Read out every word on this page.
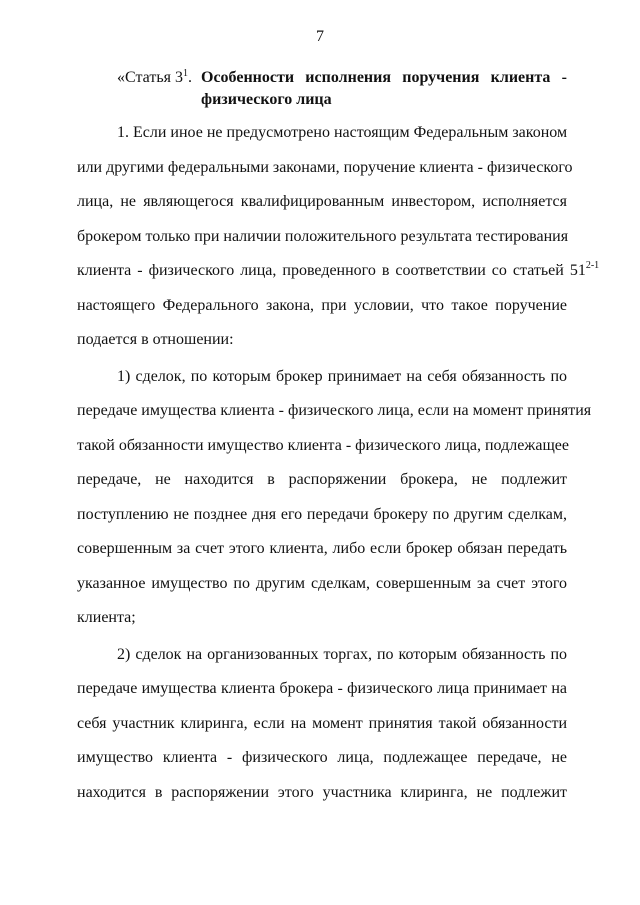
7
«Статья $3^1$. Особенности исполнения поручения клиента -
физического лица
1. Если иное не предусмотрено настоящим Федеральным законом
или другими федеральными законами, поручение клиента - физического
лица, не являющегося квалифицированным инвестором, исполняется
брокером только при наличии положительного результата тестирования
клиента - физического лица, проведенного в соответствии со статьей 51$^{2-1}$
настоящего Федерального закона, при условии, что такое поручение
подается в отношении:
1) сделок, по которым брокер принимает на себя обязанность по
передаче имущества клиента - физического лица, если на момент принятия
такой обязанности имущество клиента - физического лица, подлежащее
передаче, не находится в распоряжении брокера, не подлежит
поступлению не позднее дня его передачи брокеру по другим сделкам,
совершенным за счет этого клиента, либо если брокер обязан передать
указанное имущество по другим сделкам, совершенным за счет этого
клиента;
2) сделок на организованных торгах, по которым обязанность по
передаче имущества клиента брокера - физического лица принимает на
себя участник клиринга, если на момент принятия такой обязанности
имущество клиента - физического лица, подлежащее передаче, не
находится в распоряжении этого участника клиринга, не подлежит
